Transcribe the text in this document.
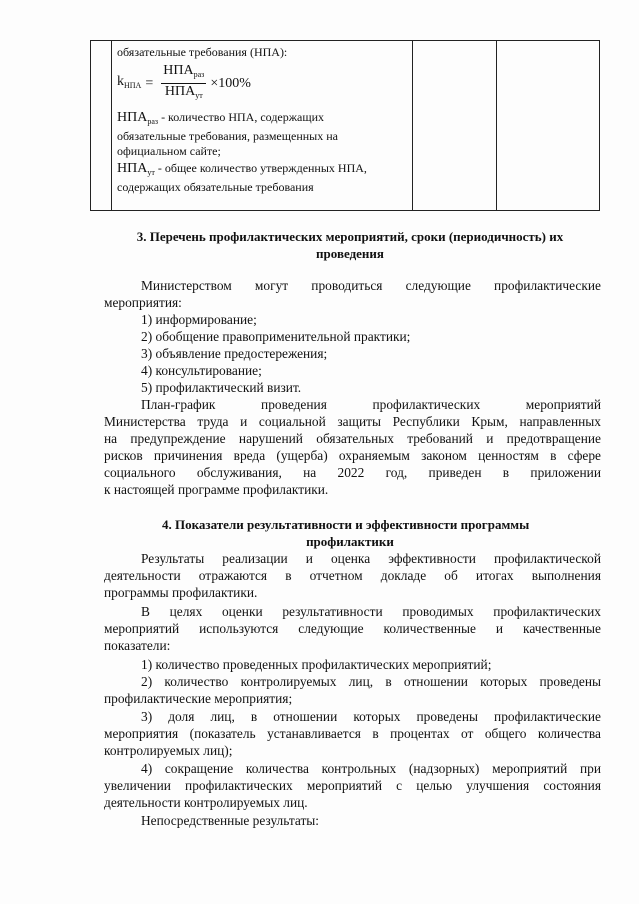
обязательные требования (НПА):

$k_{НПА} = \frac{НПА_{раз}}{НПА_{ут}} \times 100\%$

$НПА_{раз}$ - количество НПА, содержащих
обязательные требования, размещенных на официальном сайте;

$НПА_{ут}$ - общее количество утвержденных НПА,
содержащих обязательные требования

3. Перечень профилактических мероприятий, сроки (периодичность) их
проведения
Министерством могут проводиться следующие профилактические
мероприятия:
1) информирование;
2) обобщение правоприменительной практики;
3) объявление предостережения;
4) консультирование;
5) профилактический визит.
План-график проведения профилактических мероприятий
Министерства труда и социальной защиты Республики Крым, направленных
на предупреждение нарушений обязательных требований и предотвращение
рисков причинения вреда (ущерба) охраняемым законом ценностям в сфере
социального обслуживания, на 2022 год, приведен в приложении
к настоящей программе профилактики.
4. Показатели результативности и эффективности программы
профилактики
Результаты реализации и оценка эффективности профилактической
деятельности отражаются в отчетном докладе об итогах выполнения
программы профилактики.
В целях оценки результативности проводимых профилактических
мероприятий используются следующие количественные и качественные
показатели:
1) количество проведенных профилактических мероприятий;
2) количество контролируемых лиц, в отношении которых проведены
профилактические мероприятия;
3) доля лиц, в отношении которых проведены профилактические
мероприятия (показатель устанавливается в процентах от общего количества
контролируемых лиц);
4) сокращение количества контрольных (надзорных) мероприятий при
увеличении профилактических мероприятий с целью улучшения состояния
деятельности контролируемых лиц.
Непосредственные результаты:
